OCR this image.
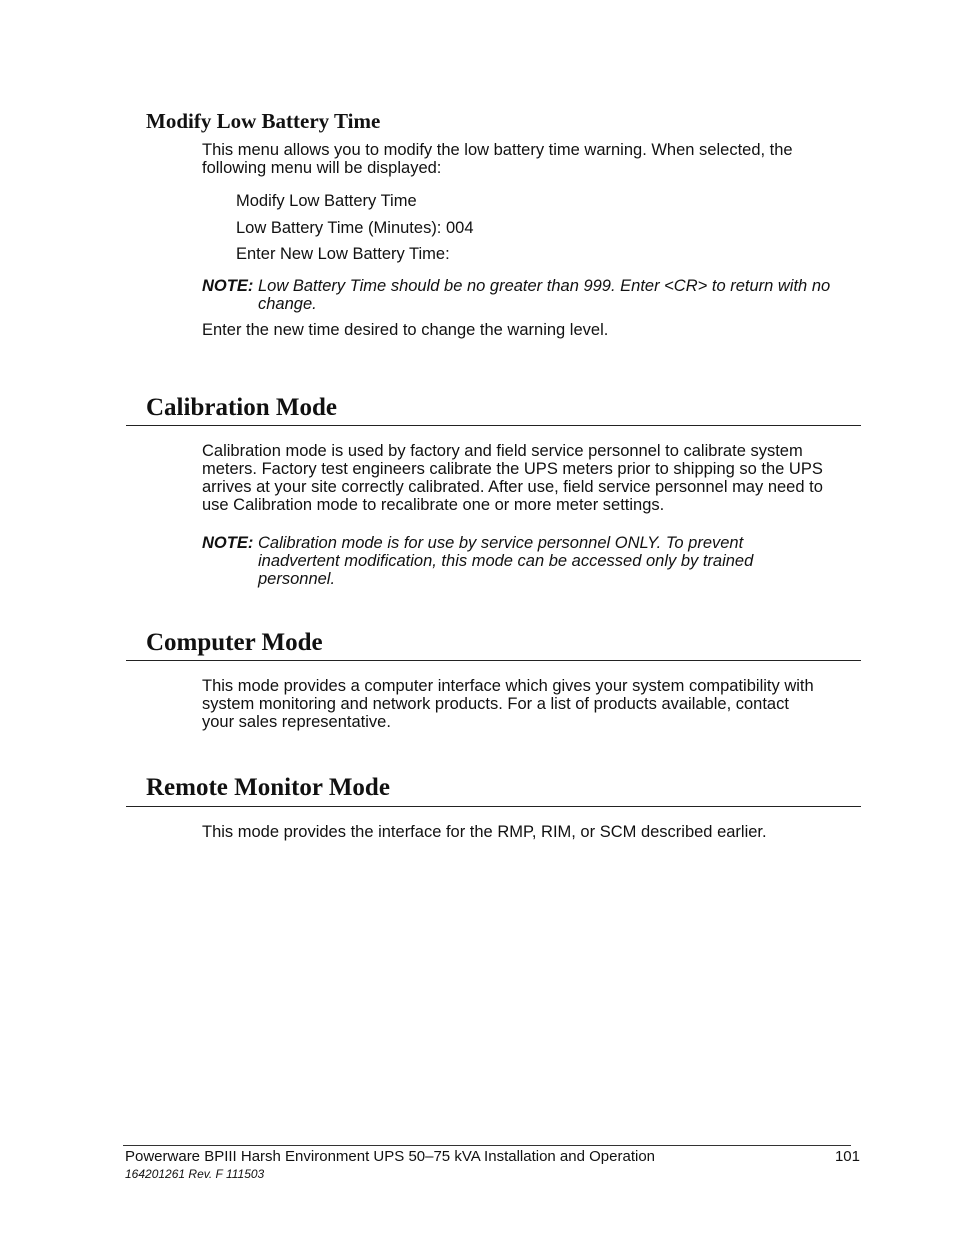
Modify Low Battery Time

This menu allows you to modify the low battery time warning. When selected, the following menu will be displayed:

Modify Low Battery Time

Low Battery Time (Minutes): 004

Enter New Low Battery Time:

NOTE: Low Battery Time should be no greater than 999. Enter <CR> to return with no change.

Enter the new time desired to change the warning level.

Calibration Mode

Calibration mode is used by factory and field service personnel to calibrate system meters. Factory test engineers calibrate the UPS meters prior to shipping so the UPS arrives at your site correctly calibrated. After use, field service personnel may need to use Calibration mode to recalibrate one or more meter settings.

NOTE: Calibration mode is for use by service personnel ONLY. To prevent inadvertent modification, this mode can be accessed only by trained personnel.
Computer Mode

This mode provides a computer interface which gives your system compatibility with system monitoring and network products. For a list of products available, contact your sales representative.

Remote Monitor Mode

This mode provides the interface for the RMP, RIM, or SCM described earlier.

Powerware BPIII Harsh Environment UPS 50–75 kVA Installation and Operation	101
164201261 Rev. F 111503
